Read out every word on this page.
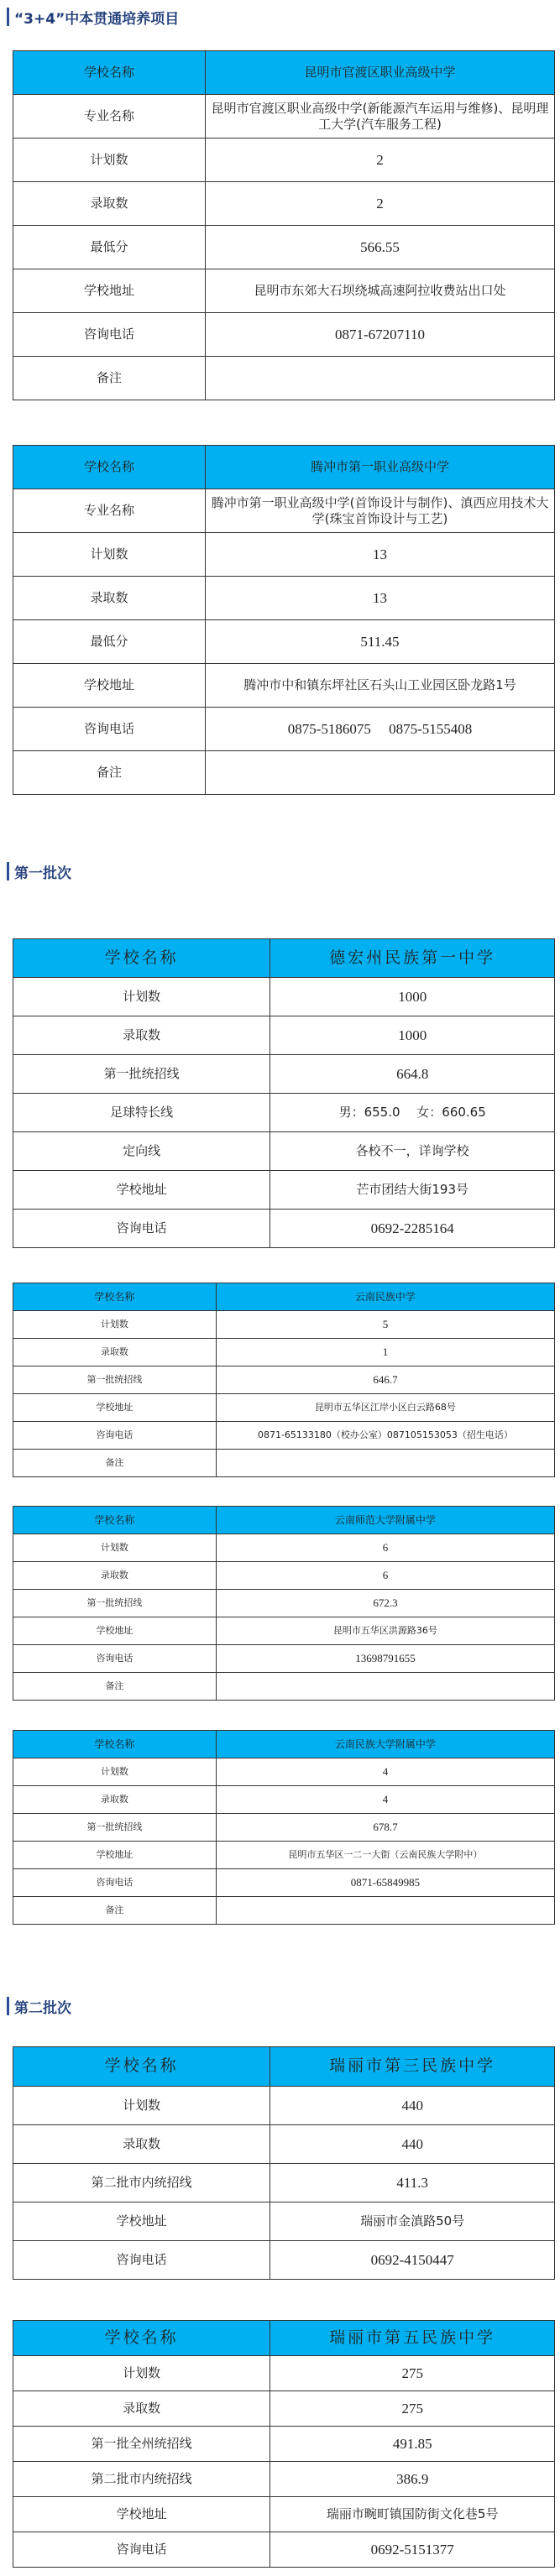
“3+4”中本贯通培养项目
学校名称	昆明市官渡区职业高级中学
专业名称	昆明市官渡区职业高级中学(新能源汽车运用与维修)、昆明理工大学(汽车服务工程)
计划数	2
录取数	2
最低分	566.55
学校地址	昆明市东郊大石坝绕城高速阿拉收费站出口处
咨询电话	0871-67207110
备注	
学校名称	腾冲市第一职业高级中学
专业名称	腾冲市第一职业高级中学(首饰设计与制作)、滇西应用技术大学(珠宝首饰设计与工艺)
计划数	13
录取数	13
最低分	511.45
学校地址	腾冲市中和镇东坪社区石头山工业园区卧龙路1号
咨询电话	0875-5186075　 0875-5155408
备注	
第一批次
学校名称	德宏州民族第一中学
计划数	1000
录取数	1000
第一批统招线	664.8
足球特长线	男：655.0　 女：660.65
定向线	各校不一，详询学校
学校地址	芒市团结大街193号
咨询电话	0692-2285164
学校名称	云南民族中学
计划数	5
录取数	1
第一批统招线	646.7
学校地址	昆明市五华区江岸小区白云路68号
咨询电话	0871-65133180（校办公室）087105153053（招生电话）
备注	
学校名称	云南师范大学附属中学
计划数	6
录取数	6
第一批统招线	672.3
学校地址	昆明市五华区洪源路36号
咨询电话	13698791655
备注	
学校名称	云南民族大学附属中学
计划数	4
录取数	4
第一批统招线	678.7
学校地址	昆明市五华区一二一大街（云南民族大学附中）
咨询电话	0871-65849985
备注	
第二批次
学校名称	瑞丽市第三民族中学
计划数	440
录取数	440
第二批市内统招线	411.3
学校地址	瑞丽市金滇路50号
咨询电话	0692-4150447
学校名称	瑞丽市第五民族中学
计划数	275
录取数	275
第一批全州统招线	491.85
第二批市内统招线	386.9
学校地址	瑞丽市畹町镇国防街文化巷5号
咨询电话	0692-5151377
